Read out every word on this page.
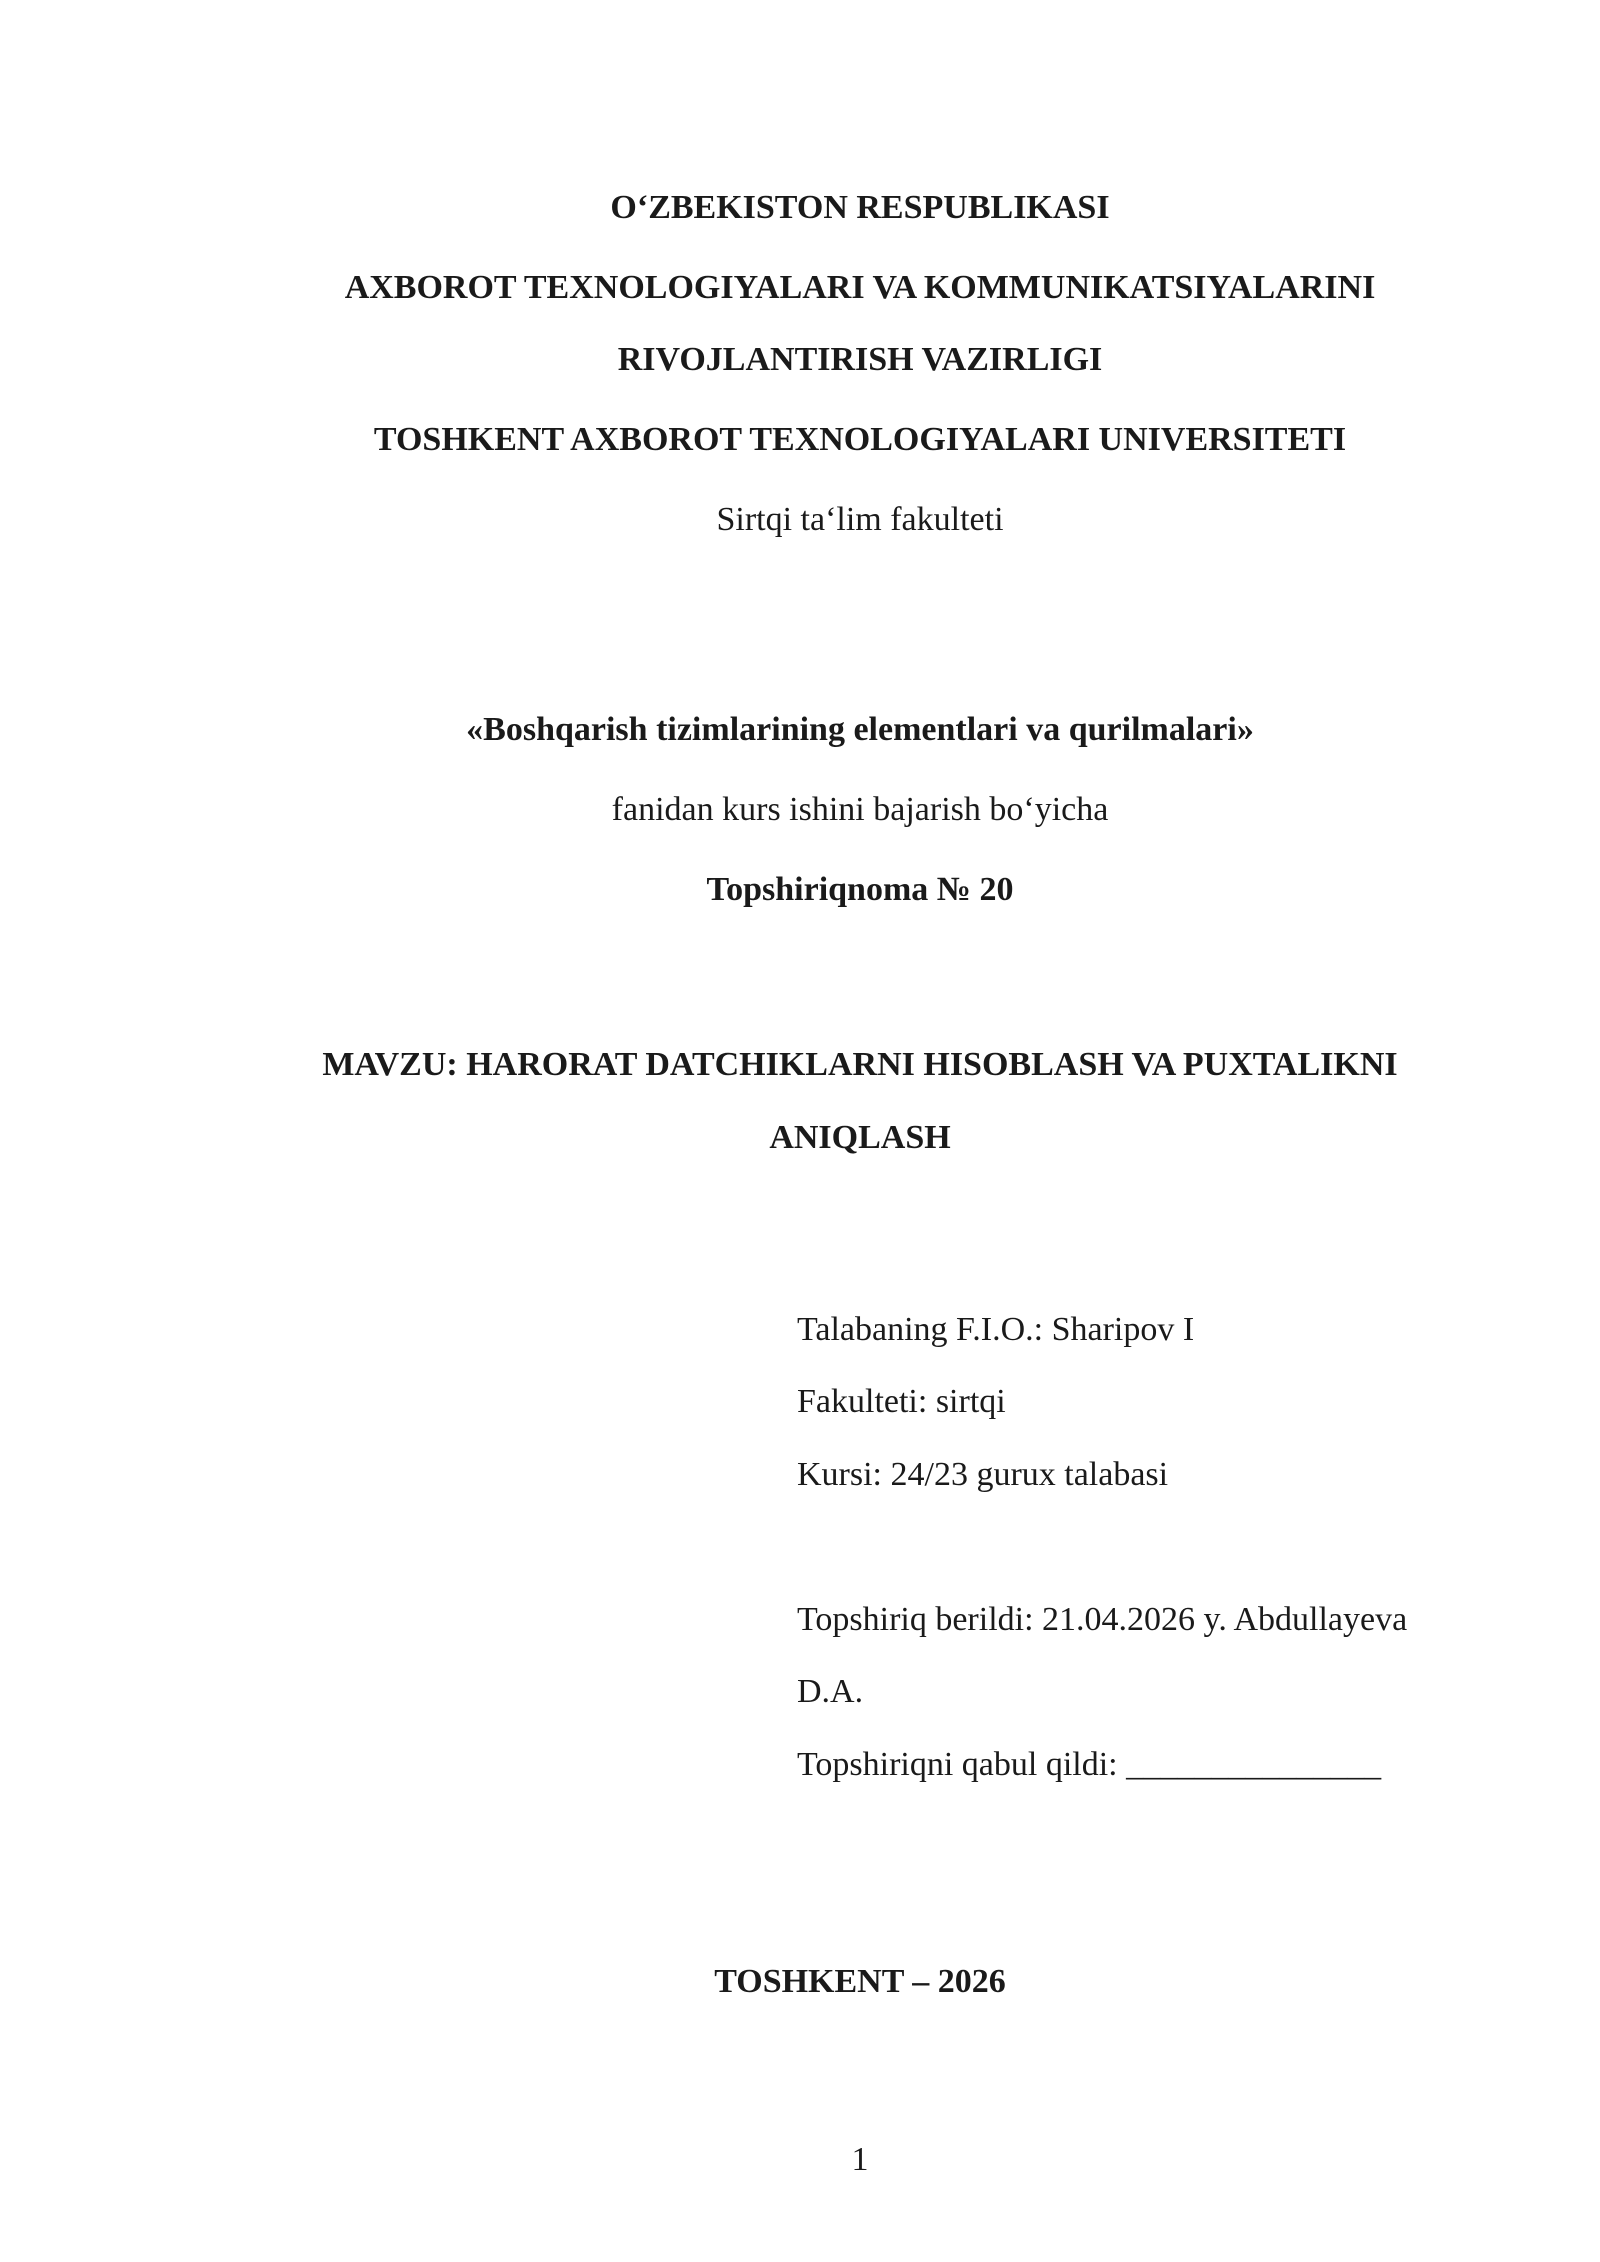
O‘ZBEKISTON RESPUBLIKASI
AXBOROT TEXNOLOGIYALARI VA KOMMUNIKATSIYALARINI
RIVOJLANTIRISH VAZIRLIGI
TOSHKENT AXBOROT TEXNOLOGIYALARI UNIVERSITETI
Sirtqi ta‘lim fakulteti
«Boshqarish tizimlarining elementlari va qurilmalari»
fanidan kurs ishini bajarish bo‘yicha
Topshiriqnoma № 20
MAVZU: HARORAT DATCHIKLARNI HISOBLASH VA PUXTALIKNI
ANIQLASH
Talabaning F.I.O.: Sharipov I
Fakulteti: sirtqi
Kursi: 24/23 gurux talabasi
Topshiriq berildi: 21.04.2026 y. Abdullayeva
D.A.
Topshiriqni qabul qildi: _______________
TOSHKENT – 2026
1
